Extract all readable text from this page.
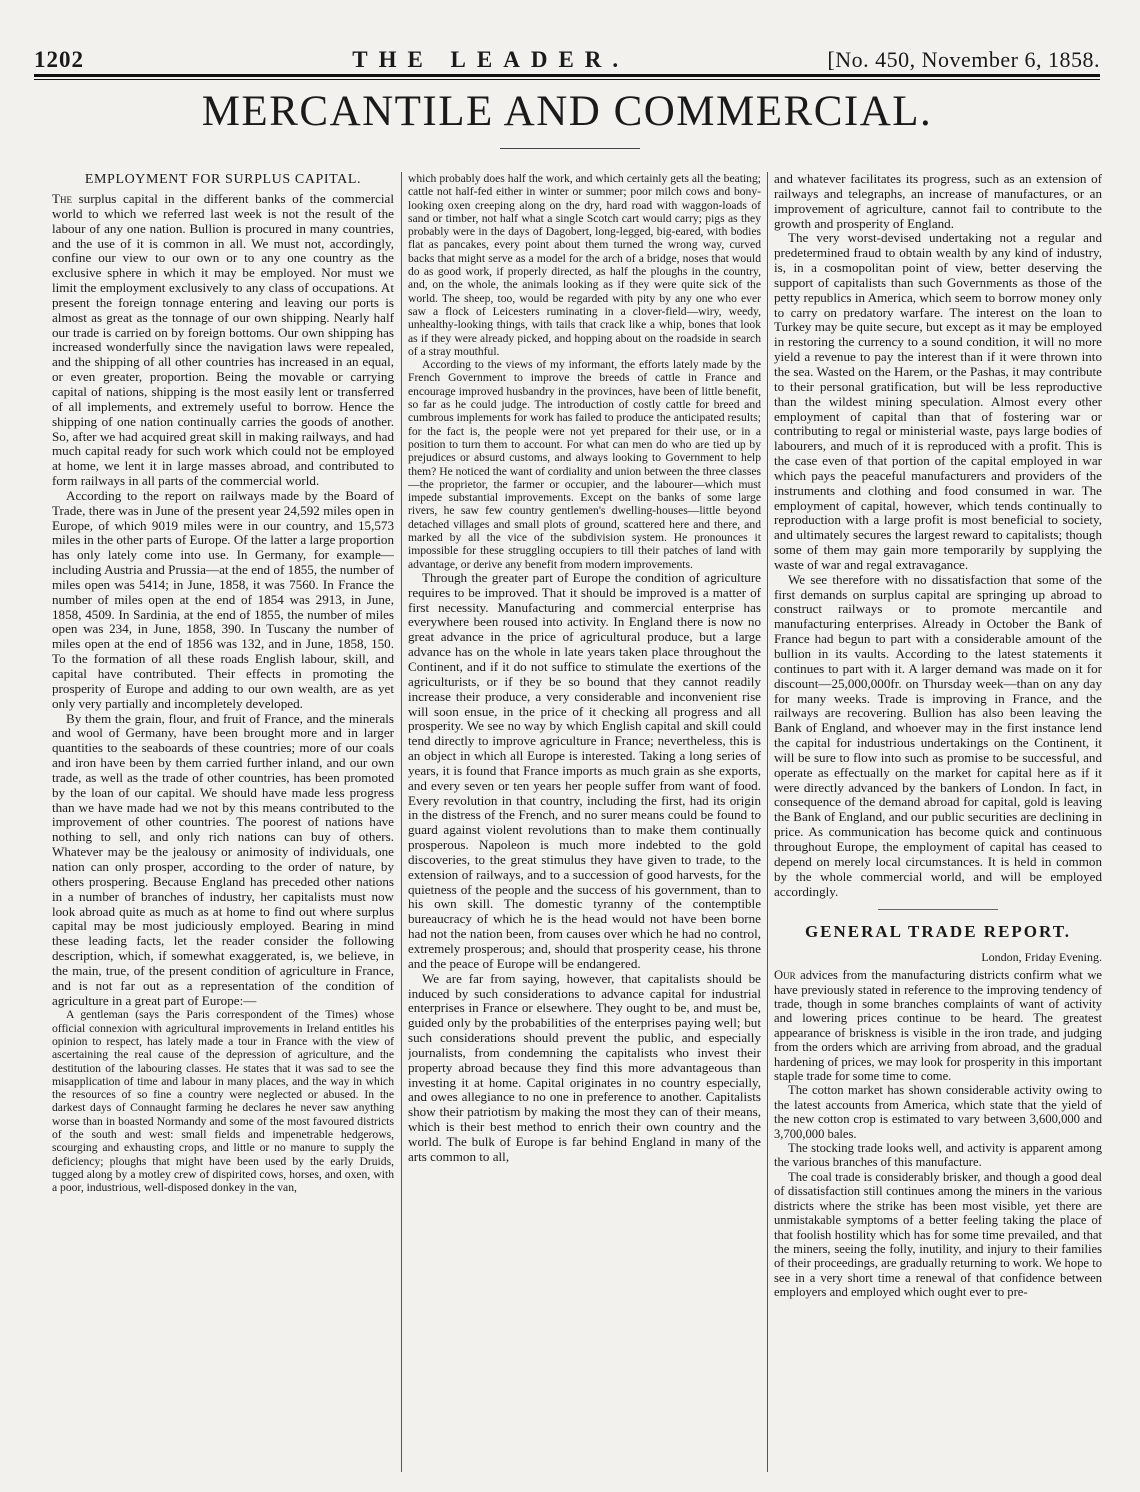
1202	THE LEADER.	[No. 450, November 6, 1858.
MERCANTILE AND COMMERCIAL.
EMPLOYMENT FOR SURPLUS CAPITAL.

The surplus capital in the different banks of the commercial world to which we referred last week is not the result of the labour of any one nation. Bullion is procured in many countries, and the use of it is common in all. We must not, accordingly, confine our view to our own or to any one country as the exclusive sphere in which it may be employed. Nor must we limit the employment exclusively to any class of occupations. At present the foreign tonnage entering and leaving our ports is almost as great as the tonnage of our own shipping. Nearly half our trade is carried on by foreign bottoms. Our own shipping has increased wonderfully since the navigation laws were repealed, and the shipping of all other countries has increased in an equal, or even greater, proportion. Being the movable or carrying capital of nations, shipping is the most easily lent or transferred of all implements, and extremely useful to borrow. Hence the shipping of one nation continually carries the goods of another. So, after we had acquired great skill in making railways, and had much capital ready for such work which could not be employed at home, we lent it in large masses abroad, and contributed to form railways in all parts of the commercial world.

According to the report on railways made by the Board of Trade, there was in June of the present year 24,592 miles open in Europe, of which 9019 miles were in our country, and 15,573 miles in the other parts of Europe. Of the latter a large proportion has only lately come into use. In Germany, for example—including Austria and Prussia—at the end of 1855, the number of miles open was 5414; in June, 1858, it was 7560. In France the number of miles open at the end of 1854 was 2913, in June, 1858, 4509. In Sardinia, at the end of 1855, the number of miles open was 234, in June, 1858, 390. In Tuscany the number of miles open at the end of 1856 was 132, and in June, 1858, 150. To the formation of all these roads English labour, skill, and capital have contributed. Their effects in promoting the prosperity of Europe and adding to our own wealth, are as yet only very partially and incompletely developed.

By them the grain, flour, and fruit of France, and the minerals and wool of Germany, have been brought more and in larger quantities to the seaboards of these countries; more of our coals and iron have been by them carried further inland, and our own trade, as well as the trade of other countries, has been promoted by the loan of our capital. We should have made less progress than we have made had we not by this means contributed to the improvement of other countries. The poorest of nations have nothing to sell, and only rich nations can buy of others. Whatever may be the jealousy or animosity of individuals, one nation can only prosper, according to the order of nature, by others prospering. Because England has preceded other nations in a number of branches of industry, her capitalists must now look abroad quite as much as at home to find out where surplus capital may be most judiciously employed. Bearing in mind these leading facts, let the reader consider the following description, which, if somewhat exaggerated, is, we believe, in the main, true, of the present condition of agriculture in France, and is not far out as a representation of the condition of agriculture in a great part of Europe:—

A gentleman (says the Paris correspondent of the Times) whose official connexion with agricultural improvements in Ireland entitles his opinion to respect, has lately made a tour in France with the view of ascertaining the real cause of the depression of agriculture, and the destitution of the labouring classes. He states that it was sad to see the misapplication of time and labour in many places, and the way in which the resources of so fine a country were neglected or abused. In the darkest days of Connaught farming he declares he never saw anything worse than in boasted Normandy and some of the most favoured districts of the south and west: small fields and impenetrable hedgerows, scourging and exhausting crops, and little or no manure to supply the deficiency; ploughs that might have been used by the early Druids, tugged along by a motley crew of dispirited cows, horses, and oxen, with a poor, industrious, well-disposed donkey in the van,

which probably does half the work, and which certainly gets all the beating; cattle not half-fed either in winter or summer; poor milch cows and bony-looking oxen creeping along on the dry, hard road with waggon-loads of sand or timber, not half what a single Scotch cart would carry; pigs as they probably were in the days of Dagobert, long-legged, big-eared, with bodies flat as pancakes, every point about them turned the wrong way, curved backs that might serve as a model for the arch of a bridge, noses that would do as good work, if properly directed, as half the ploughs in the country, and, on the whole, the animals looking as if they were quite sick of the world. The sheep, too, would be regarded with pity by any one who ever saw a flock of Leicesters ruminating in a clover-field—wiry, weedy, unhealthy-looking things, with tails that crack like a whip, bones that look as if they were already picked, and hopping about on the roadside in search of a stray mouthful.

According to the views of my informant, the efforts lately made by the French Government to improve the breeds of cattle in France and encourage improved husbandry in the provinces, have been of little benefit, so far as he could judge. The introduction of costly cattle for breed and cumbrous implements for work has failed to produce the anticipated results; for the fact is, the people were not yet prepared for their use, or in a position to turn them to account. For what can men do who are tied up by prejudices or absurd customs, and always looking to Government to help them? He noticed the want of cordiality and union between the three classes—the proprietor, the farmer or occupier, and the labourer—which must impede substantial improvements. Except on the banks of some large rivers, he saw few country gentlemen's dwelling-houses—little beyond detached villages and small plots of ground, scattered here and there, and marked by all the vice of the subdivision system. He pronounces it impossible for these struggling occupiers to till their patches of land with advantage, or derive any benefit from modern improvements.

Through the greater part of Europe the condition of agriculture requires to be improved. That it should be improved is a matter of first necessity. Manufacturing and commercial enterprise has everywhere been roused into activity. In England there is now no great advance in the price of agricultural produce, but a large advance has on the whole in late years taken place throughout the Continent, and if it do not suffice to stimulate the exertions of the agriculturists, or if they be so bound that they cannot readily increase their produce, a very considerable and inconvenient rise will soon ensue, in the price of it checking all progress and all prosperity. We see no way by which English capital and skill could tend directly to improve agriculture in France; nevertheless, this is an object in which all Europe is interested. Taking a long series of years, it is found that France imports as much grain as she exports, and every seven or ten years her people suffer from want of food. Every revolution in that country, including the first, had its origin in the distress of the French, and no surer means could be found to guard against violent revolutions than to make them continually prosperous. Napoleon is much more indebted to the gold discoveries, to the great stimulus they have given to trade, to the extension of railways, and to a succession of good harvests, for the quietness of the people and the success of his government, than to his own skill. The domestic tyranny of the contemptible bureaucracy of which he is the head would not have been borne had not the nation been, from causes over which he had no control, extremely prosperous; and, should that prosperity cease, his throne and the peace of Europe will be endangered.

We are far from saying, however, that capitalists should be induced by such considerations to advance capital for industrial enterprises in France or elsewhere. They ought to be, and must be, guided only by the probabilities of the enterprises paying well; but such considerations should prevent the public, and especially journalists, from condemning the capitalists who invest their property abroad because they find this more advantageous than investing it at home. Capital originates in no country especially, and owes allegiance to no one in preference to another. Capitalists show their patriotism by making the most they can of their means, which is their best method to enrich their own country and the world. The bulk of Europe is far behind England in many of the arts common to all,

and whatever facilitates its progress, such as an extension of railways and telegraphs, an increase of manufactures, or an improvement of agriculture, cannot fail to contribute to the growth and prosperity of England.

The very worst-devised undertaking not a regular and predetermined fraud to obtain wealth by any kind of industry, is, in a cosmopolitan point of view, better deserving the support of capitalists than such Governments as those of the petty republics in America, which seem to borrow money only to carry on predatory warfare. The interest on the loan to Turkey may be quite secure, but except as it may be employed in restoring the currency to a sound condition, it will no more yield a revenue to pay the interest than if it were thrown into the sea. Wasted on the Harem, or the Pashas, it may contribute to their personal gratification, but will be less reproductive than the wildest mining speculation. Almost every other employment of capital than that of fostering war or contributing to regal or ministerial waste, pays large bodies of labourers, and much of it is reproduced with a profit. This is the case even of that portion of the capital employed in war which pays the peaceful manufacturers and providers of the instruments and clothing and food consumed in war. The employment of capital, however, which tends continually to reproduction with a large profit is most beneficial to society, and ultimately secures the largest reward to capitalists; though some of them may gain more temporarily by supplying the waste of war and regal extravagance.

We see therefore with no dissatisfaction that some of the first demands on surplus capital are springing up abroad to construct railways or to promote mercantile and manufacturing enterprises. Already in October the Bank of France had begun to part with a considerable amount of the bullion in its vaults. According to the latest statements it continues to part with it. A larger demand was made on it for discount—25,000,000fr. on Thursday week—than on any day for many weeks. Trade is improving in France, and the railways are recovering. Bullion has also been leaving the Bank of England, and whoever may in the first instance lend the capital for industrious undertakings on the Continent, it will be sure to flow into such as promise to be successful, and operate as effectually on the market for capital here as if it were directly advanced by the bankers of London. In fact, in consequence of the demand abroad for capital, gold is leaving the Bank of England, and our public securities are declining in price. As communication has become quick and continuous throughout Europe, the employment of capital has ceased to depend on merely local circumstances. It is held in common by the whole commercial world, and will be employed accordingly.

GENERAL TRADE REPORT.
London, Friday Evening.

Our advices from the manufacturing districts confirm what we have previously stated in reference to the improving tendency of trade, though in some branches complaints of want of activity and lowering prices continue to be heard. The greatest appearance of briskness is visible in the iron trade, and judging from the orders which are arriving from abroad, and the gradual hardening of prices, we may look for prosperity in this important staple trade for some time to come.

The cotton market has shown considerable activity owing to the latest accounts from America, which state that the yield of the new cotton crop is estimated to vary between 3,600,000 and 3,700,000 bales.

The stocking trade looks well, and activity is apparent among the various branches of this manufacture.

The coal trade is considerably brisker, and though a good deal of dissatisfaction still continues among the miners in the various districts where the strike has been most visible, yet there are unmistakable symptoms of a better feeling taking the place of that foolish hostility which has for some time prevailed, and that the miners, seeing the folly, inutility, and injury to their families of their proceedings, are gradually returning to work. We hope to see in a very short time a renewal of that confidence between employers and employed which ought ever to pre-
